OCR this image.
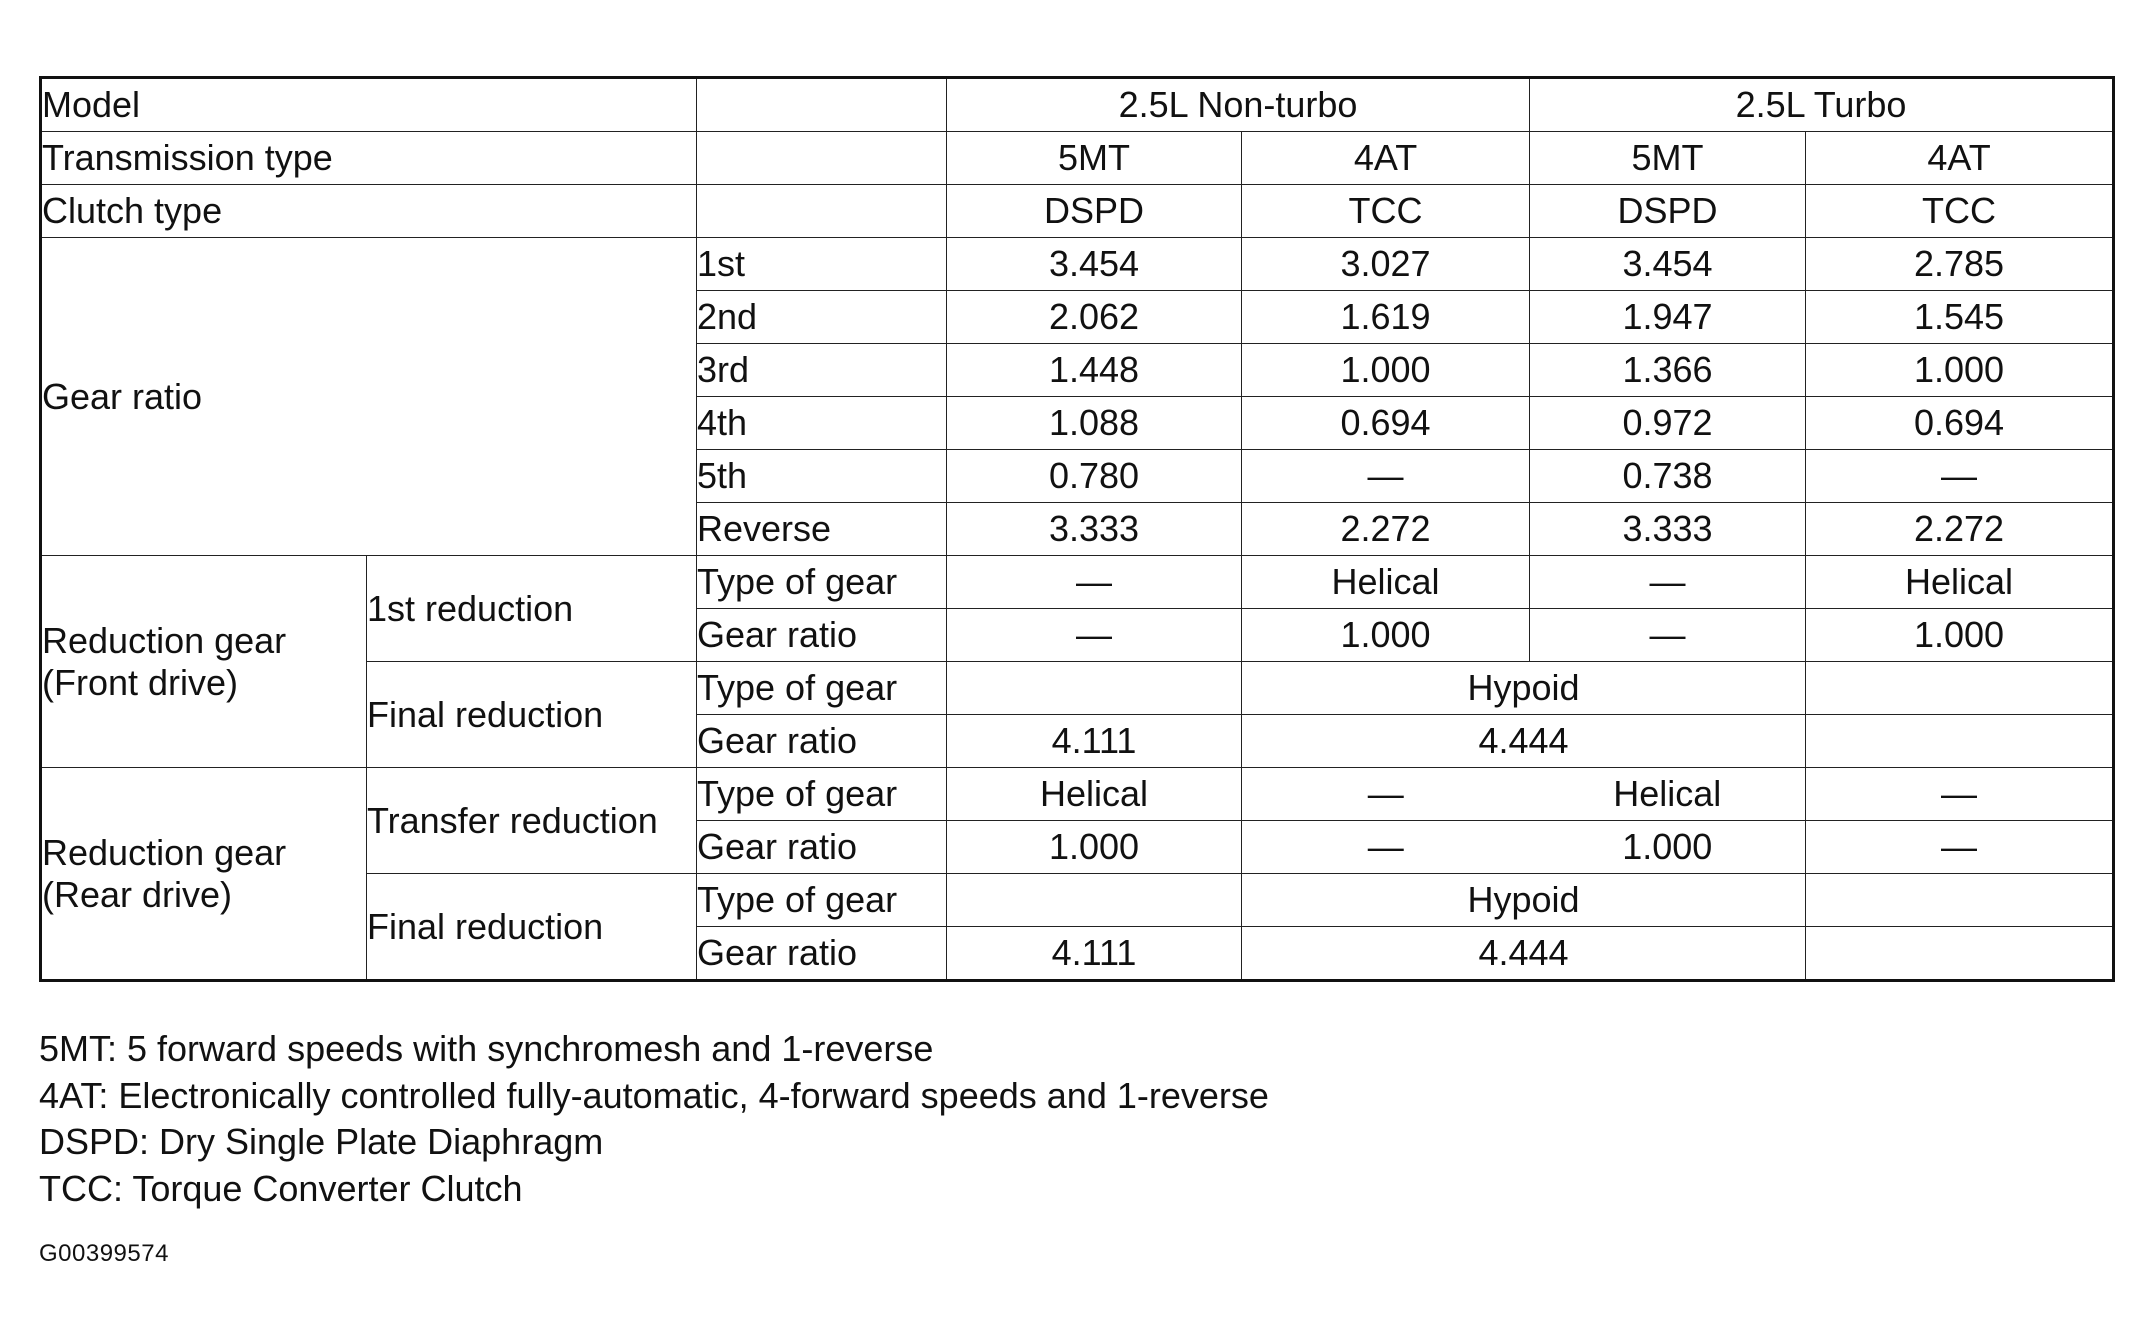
Model			2.5L Non-turbo		2.5L Turbo	
Transmission type			5MT	4AT	5MT	4AT
Clutch type			DSPD	TCC	DSPD	TCC
Gear ratio		1st	3.454	3.027	3.454	2.785
		2nd	2.062	1.619	1.947	1.545
		3rd	1.448	1.000	1.366	1.000
		4th	1.088	0.694	0.972	0.694
		5th	0.780	—	0.738	—
		Reverse	3.333	2.272	3.333	2.272

Reduction gear
(Front drive)	1st reduction	Type of gear	—	Helical	—	Helical
		Gear ratio	—	1.000	—	1.000
	Final reduction	Type of gear		Hypoid		
		Gear ratio	4.111	4.444		

Reduction gear
(Rear drive)	Transfer reduction	Type of gear	Helical	—	Helical	—
		Gear ratio	1.000	—	1.000	—
	Final reduction	Type of gear		Hypoid		
		Gear ratio	4.111	4.444		
5MT: 5 forward speeds with synchromesh and 1-reverse
4AT: Electronically controlled fully-automatic, 4-forward speeds and 1-reverse
DSPD: Dry Single Plate Diaphragm
TCC: Torque Converter Clutch
G00399574
